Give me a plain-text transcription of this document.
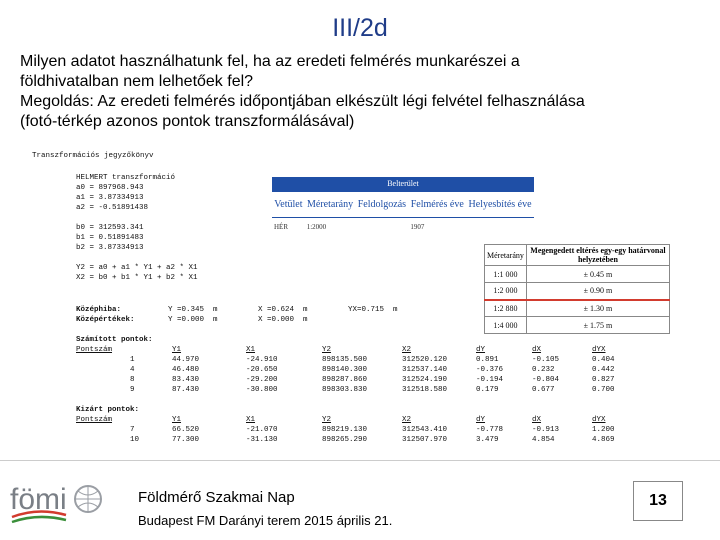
III/2d
Milyen adatot használhatunk fel, ha az eredeti felmérés munkarészei a
földhivatalban nem lelhetőek fel?
Megoldás: Az eredeti felmérés időpontjában elkészült légi felvétel felhasználása
(fotó-térkép azonos pontok transzformálásával)

Transzformációs jegyzőkönyv

HELMERT transzformáció

a0 = 897968.943

a1 = 3.87334913

a2 = -0.51891438

b0 = 312593.341

b1 = 0.51891483

b2 = 3.87334913

Y2 = a0 + a1 * Y1 + a2 * X1

X2 = b0 + b1 * Y1 + b2 * X1

Középhiba:

	Y =0.345  m

	X =0.624  m

	YX=0.715  m

Középértékek:

	Y =0.000  m

	X =0.000  m

Számított pontok:

Pontszám	Y1	X1	Y2	X2	dY	dX	dYX
1	44.970	-24.910	898135.500	312520.120	0.891	-0.105	0.404
4	46.480	-20.650	898140.300	312537.140	-0.376	0.232	0.442
8	83.430	-29.200	898287.860	312524.190	-0.194	-0.804	0.827
9	87.430	-30.800	898303.830	312518.580	0.179	0.677	0.700

Kizárt pontok:

Pontszám	Y1	X1	Y2	X2	dY	dX	dYX
7	66.520	-21.070	898219.130	312543.410	-0.778	-0.913	1.200
10	77.300	-31.130	898265.290	312507.970	3.479	4.854	4.869

Belterület				
Vetület	Méretarány	Feldolgozás	Felmérés éve	Helyesbítés éve
HÉR	1:2000		1907	
Méretarány	Megengedett eltérés egy-egy határvonal helyzetében
1:1 000	± 0.45 m
1:2 000	± 0.90 m
1:2 880	± 1.30 m
1:4 000	± 1.75 m
fömi	Földmérő Szakmai Nap
Budapest FM Darányi terem 2015 április 21.
13
